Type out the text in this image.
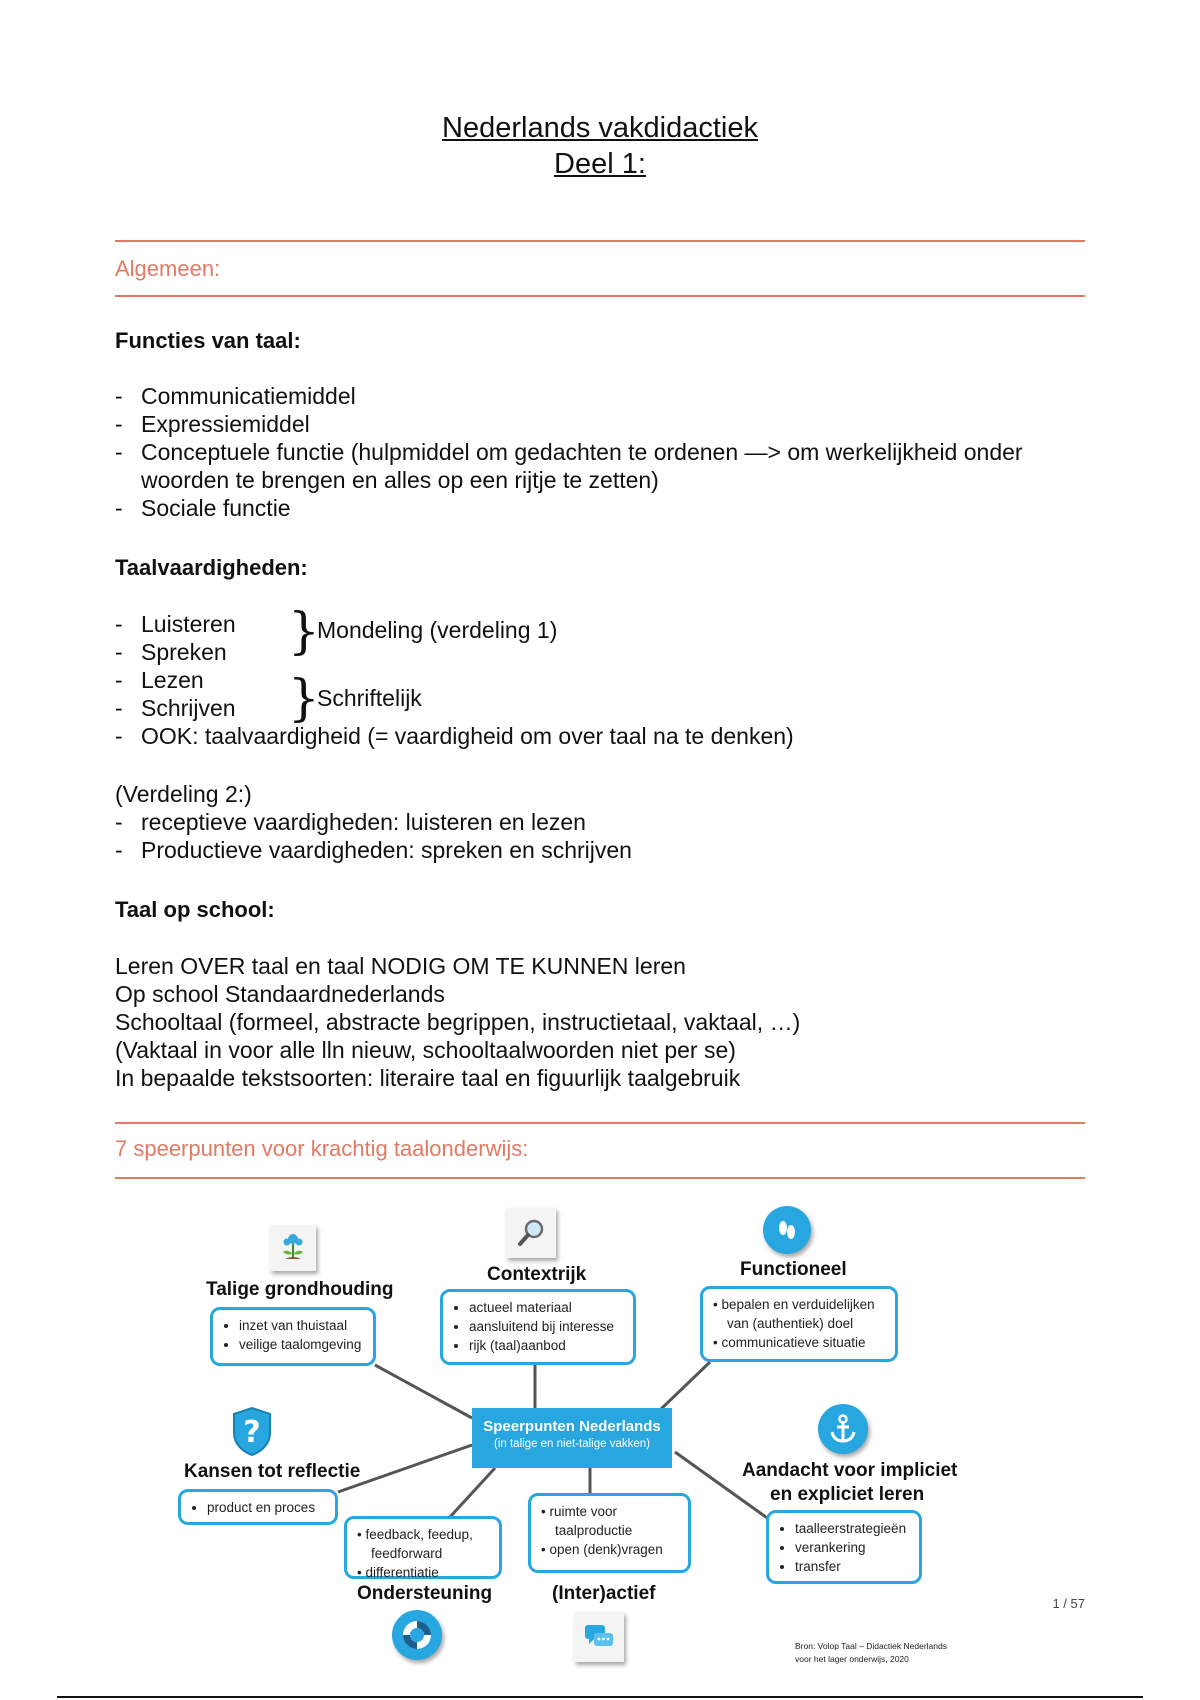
Nederlands vakdidactiek
Deel 1:
Algemeen:
Functies van taal:
- Communicatiemiddel
- Expressiemiddel
- Conceptuele functie (hulpmiddel om gedachten te ordenen —> om werkelijkheid onder
woorden te brengen en alles op een rijtje te zetten)
- Sociale functie
Taalvaardigheden:
- Luisteren
- Spreken
- Lezen
- Schrijven
- OOK: taalvaardigheid (= vaardigheid om over taal na te denken)
}
Mondeling (verdeling 1)
}
Schriftelijk
(Verdeling 2:)
- receptieve vaardigheden: luisteren en lezen
- Productieve vaardigheden: spreken en schrijven
Taal op school:
Leren OVER taal en taal NODIG OM TE KUNNEN leren
Op school Standaardnederlands
Schooltaal (formeel, abstracte begrippen, instructietaal, vaktaal, …)
(Vaktaal in voor alle lln nieuw, schooltaalwoorden niet per se)
In bepaalde tekstsoorten: literaire taal en figuurlijk taalgebruik
7 speerpunten voor krachtig taalonderwijs:
Speerpunten Nederlands
(in talige en niet-talige vakken)
Talige grondhouding
• inzet van thuistaal
• veilige taalomgeving
Contextrijk
• actueel materiaal
• aansluitend bij interesse
• rijk (taal)aanbod
Functioneel
• bepalen en verduidelijken
van (authentiek) doel
• communicatieve situatie
?
Kansen tot reflectie
• product en proces
Aandacht voor impliciet
en expliciet leren
• taalleerstrategieën
• verankering
• transfer
• feedback, feedup,
feedforward
• differentiatie
Ondersteuning
• ruimte voor
taalproductie
• open (denk)vragen
(Inter)actief	1 / 57
Bron: Volop Taal – Didactiek Nederlands
voor het lager onderwijs, 2020
